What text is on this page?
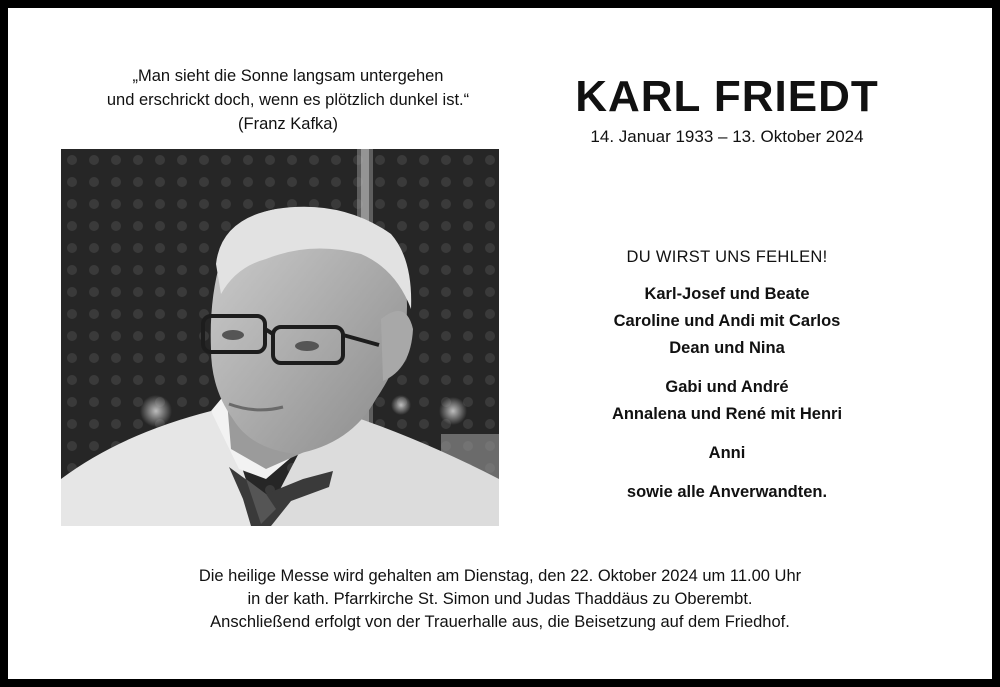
„Man sieht die Sonne langsam untergehen
und erschrickt doch, wenn es plötzlich dunkel ist.“
(Franz Kafka)
KARL FRIEDT
14. Januar 1933 – 13. Oktober 2024
DU WIRST UNS FEHLEN!
Karl-Josef und Beate
Caroline und Andi mit Carlos
Dean und Nina
Gabi und André
Annalena und René mit Henri
Anni
sowie alle Anverwandten.
Die heilige Messe wird gehalten am Dienstag, den 22. Oktober 2024 um 11.00 Uhr
in der kath. Pfarrkirche St. Simon und Judas Thaddäus zu Oberembt.
Anschließend erfolgt von der Trauerhalle aus, die Beisetzung auf dem Friedhof.
